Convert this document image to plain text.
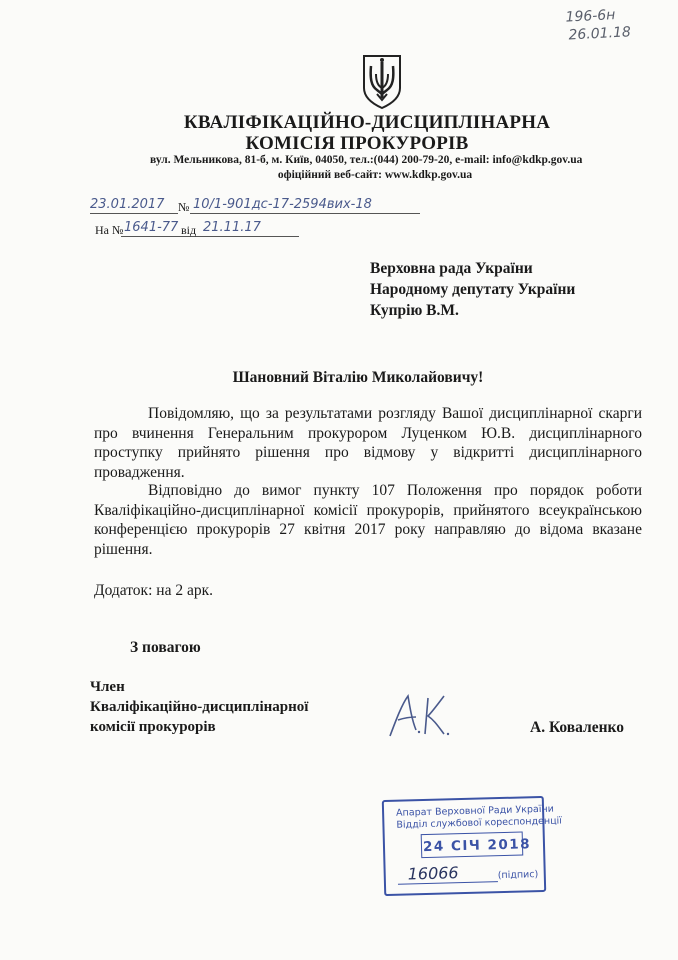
196-6н
26.01.18
КВАЛІФІКАЦІЙНО-ДИСЦИПЛІНАРНА
КОМІСІЯ ПРОКУРОРІВ
вул. Мельникова, 81-б, м. Київ, 04050, тел.:(044) 200-79-20, e-mail: info@kdkp.gov.ua
офіційний веб-сайт: www.kdkp.gov.ua
23.01.2017 № 10/1-901дс-17-2594вих-18
На № 1641-77 від 21.11.17
Верховна рада України
Народному депутату України
Купрію В.М.
Шановний Віталію Миколайовичу!
Повідомляю, що за результатами розгляду Вашої дисциплінарної скарги про вчинення Генеральним прокурором Луценком Ю.В. дисциплінарного проступку прийнято рішення про відмову у відкритті дисциплінарного провадження.
Відповідно до вимог пункту 107 Положення про порядок роботи Кваліфікаційно-дисциплінарної комісії прокурорів, прийнятого всеукраїнською конференцією прокурорів 27 квітня 2017 року направляю до відома вказане рішення.
Додаток: на 2 арк.
З повагою
Член
Кваліфікаційно-дисциплінарної
комісії прокурорів	А. Коваленко
Апарат Верховної Ради України
Відділ службової кореспонденції
24 СІЧ 2018
16066	(підпис)
